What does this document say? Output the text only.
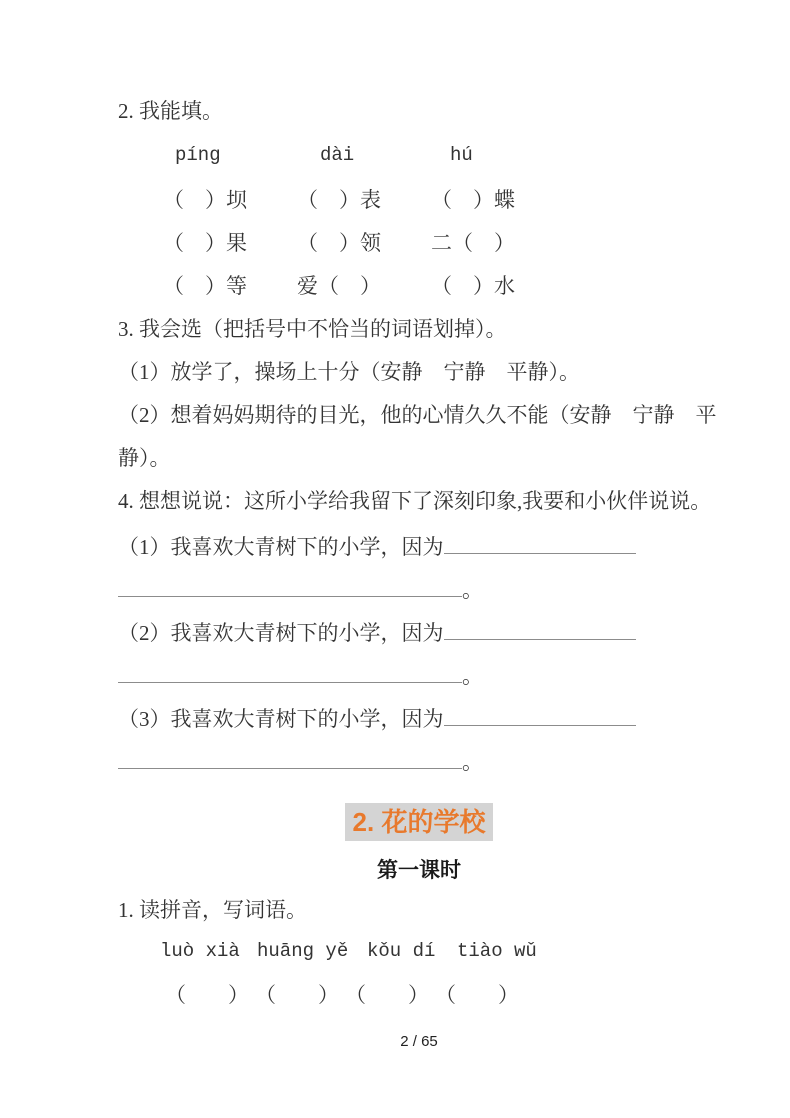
2. 我能填。
píng	dài	hú
（　）坝	（　）表	（　）蝶
（　）果	（　）领	二（　）
（　）等	爱（　）	（　）水
3. 我会选（把括号中不恰当的词语划掉）。
（1）放学了，操场上十分（安静　宁静　平静）。
（2）想着妈妈期待的目光，他的心情久久不能（安静　宁静　平
静）。
4. 想想说说：这所小学给我留下了深刻印象,我要和小伙伴说说。
（1）我喜欢大青树下的小学，因为
。
（2）我喜欢大青树下的小学，因为
。
（3）我喜欢大青树下的小学，因为
。
2. 花的学校
第一课时
1. 读拼音，写词语。
luò xià huāng yě kǒu dí	tiào wǔ
（　　） （　　） （　　） （　　）
2 / 65
